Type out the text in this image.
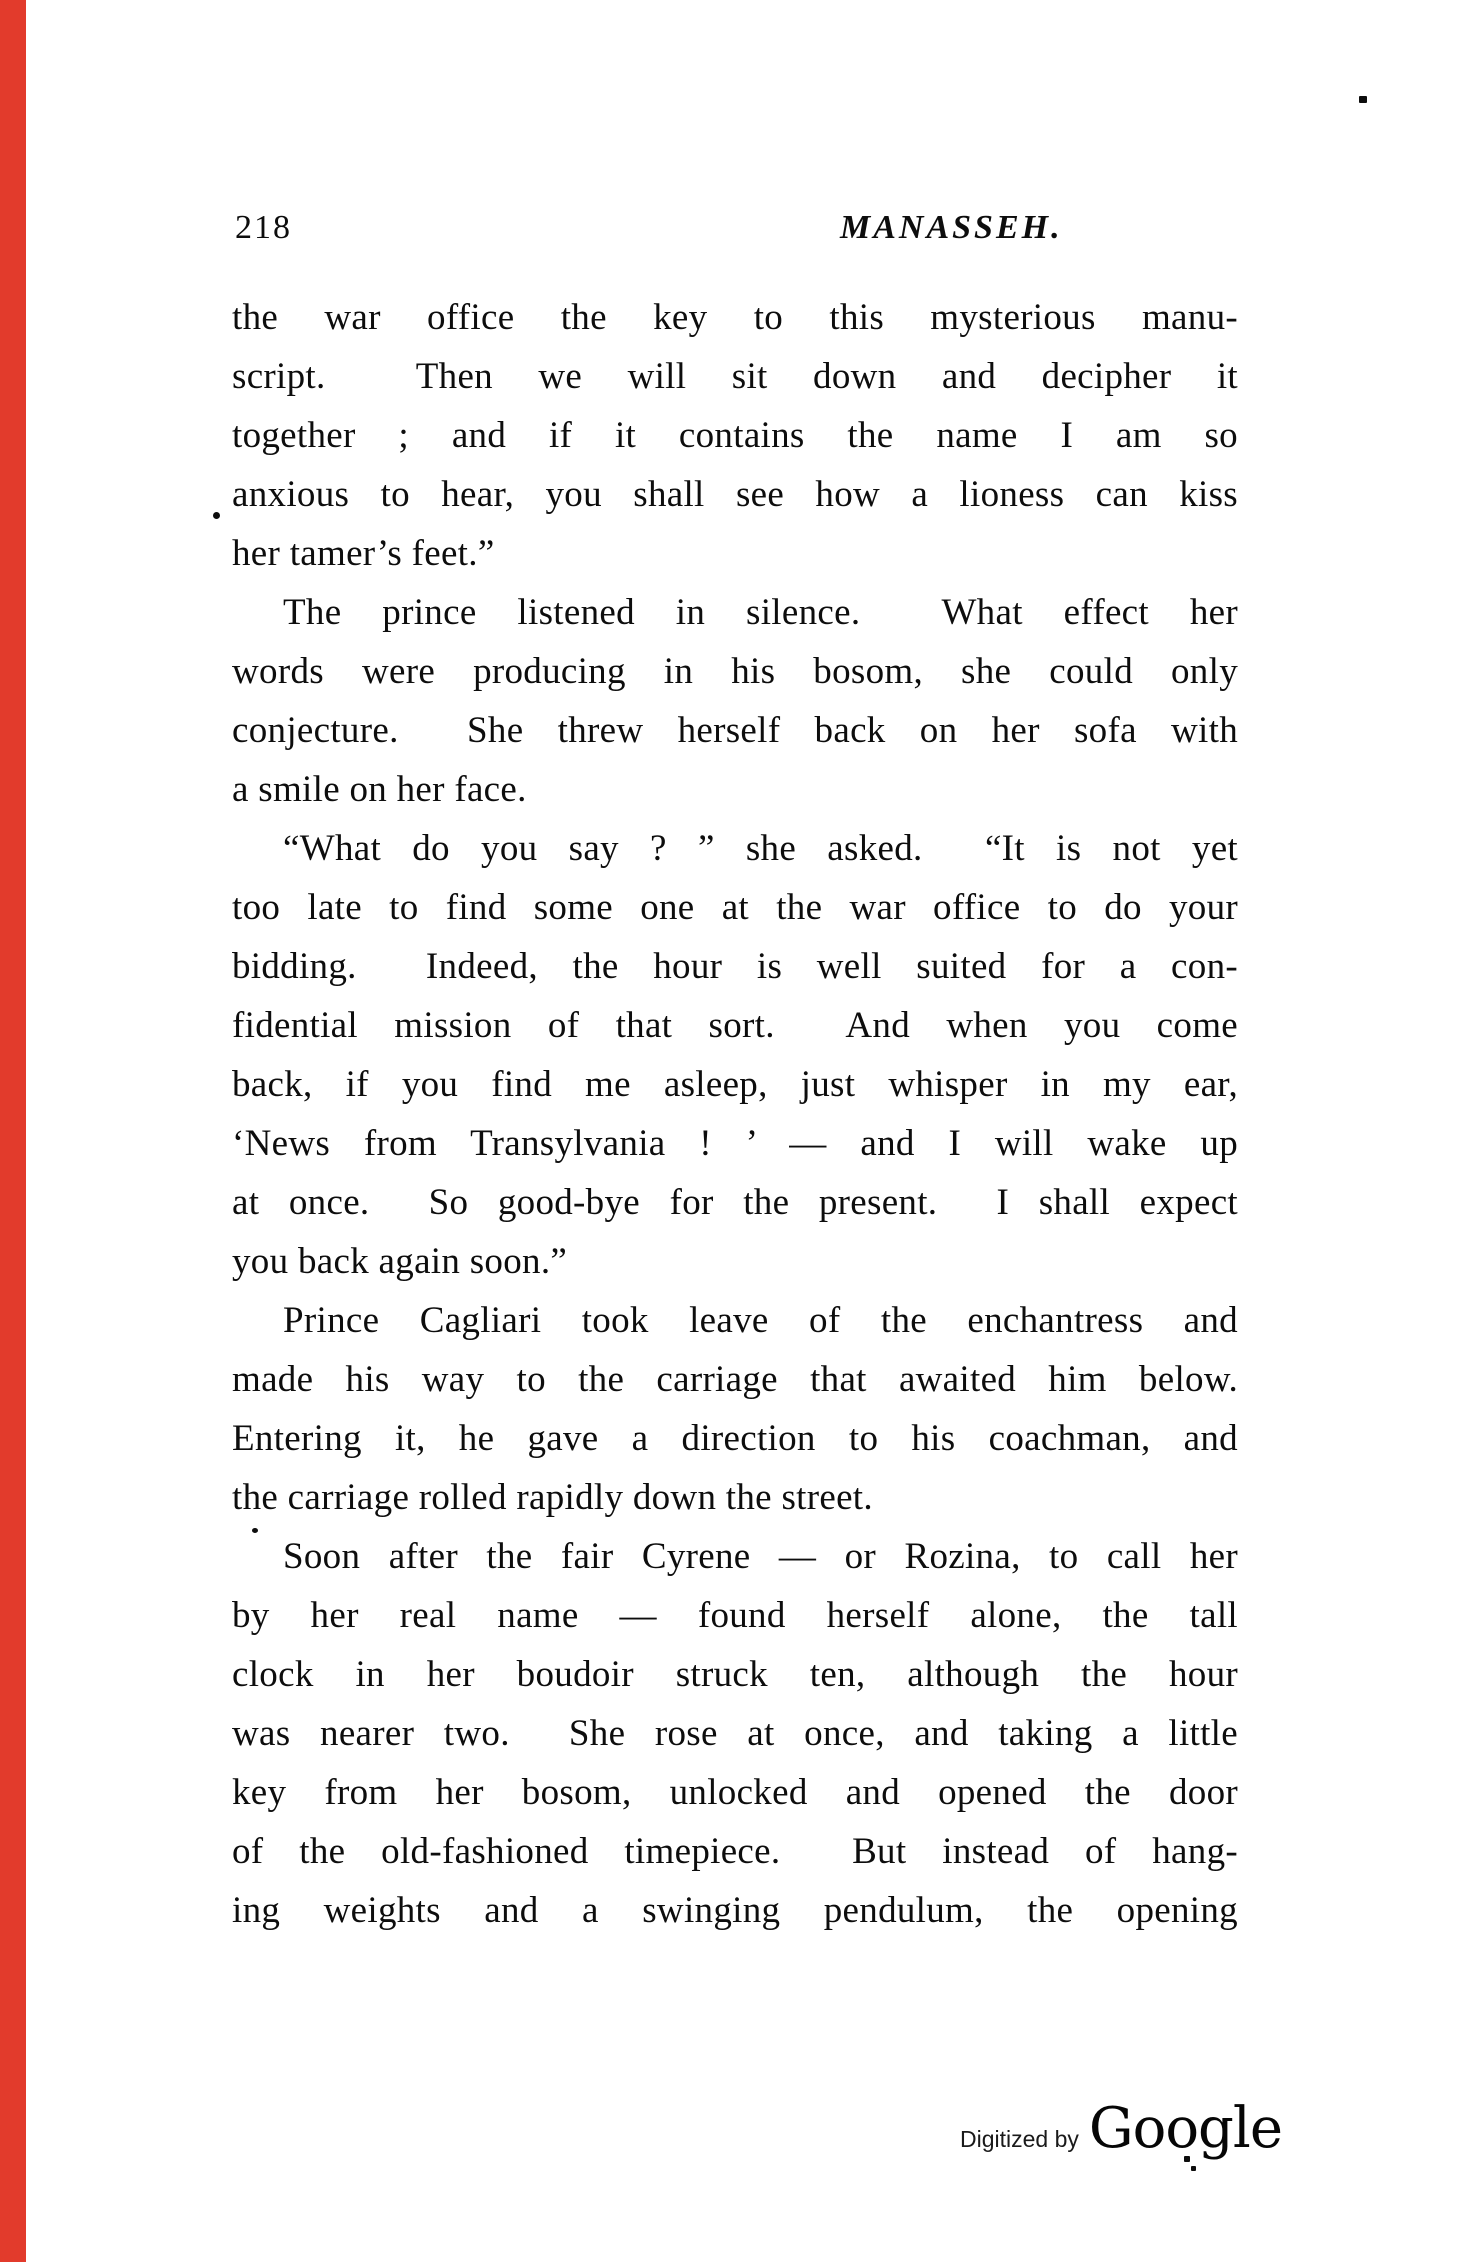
218	MANASSEH.
the war office the key to this mysterious manu-
script.  Then we will sit down and decipher it
together ; and if it contains the name I am so
anxious to hear, you shall see how a lioness can kiss
her tamer’s feet.”
The prince listened in silence.  What effect her
words were producing in his bosom, she could only
conjecture.  She threw herself back on her sofa with
a smile on her face.
“What do you say ? ” she asked.  “It is not yet
too late to find some one at the war office to do your
bidding.  Indeed, the hour is well suited for a con-
fidential mission of that sort.  And when you come
back, if you find me asleep, just whisper in my ear,
‘News from Transylvania ! ’ — and I will wake up
at once.  So good-bye for the present.  I shall expect
you back again soon.”
Prince Cagliari took leave of the enchantress and
made his way to the carriage that awaited him below.
Entering it, he gave a direction to his coachman, and
the carriage rolled rapidly down the street.
Soon after the fair Cyrene — or Rozina, to call her
by her real name — found herself alone, the tall
clock in her boudoir struck ten, although the hour
was nearer two.  She rose at once, and taking a little
key from her bosom, unlocked and opened the door
of the old-fashioned timepiece.  But instead of hang-
ing weights and a swinging pendulum, the opening
Digitized by Google
